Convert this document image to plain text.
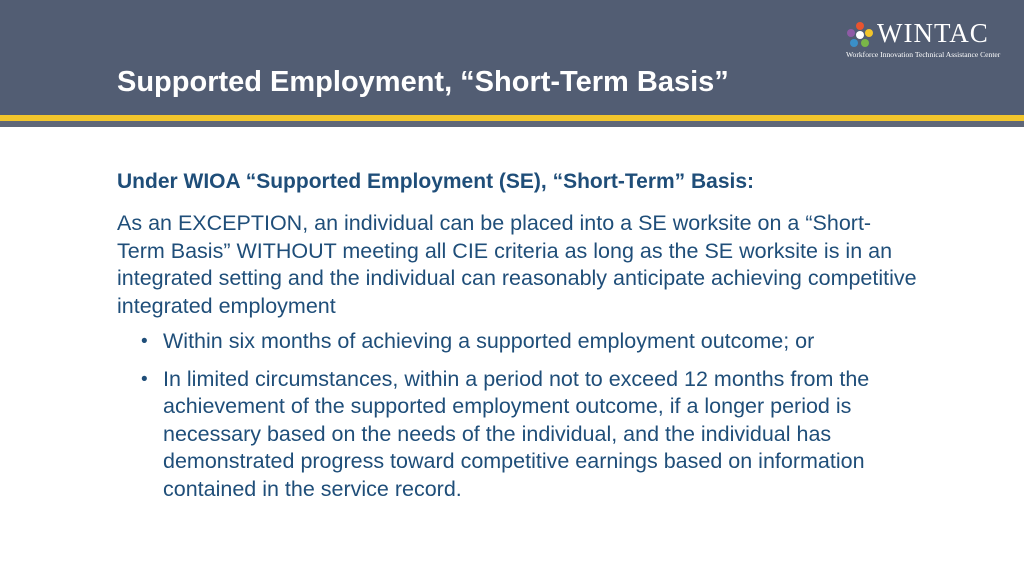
Supported Employment, “Short-Term Basis”
WINTAC
Workforce Innovation Technical Assistance Center
Under WIOA “Supported Employment (SE), “Short-Term” Basis:
As an EXCEPTION, an individual can be placed into a SE worksite on a “Short-Term Basis” WITHOUT meeting all CIE criteria as long as the SE worksite is in an integrated setting and the individual can reasonably anticipate achieving competitive integrated employment
• Within six months of achieving a supported employment outcome; or
• In limited circumstances, within a period not to exceed 12 months from the achievement of the supported employment outcome, if a longer period is necessary based on the needs of the individual, and the individual has demonstrated progress toward competitive earnings based on information contained in the service record.
